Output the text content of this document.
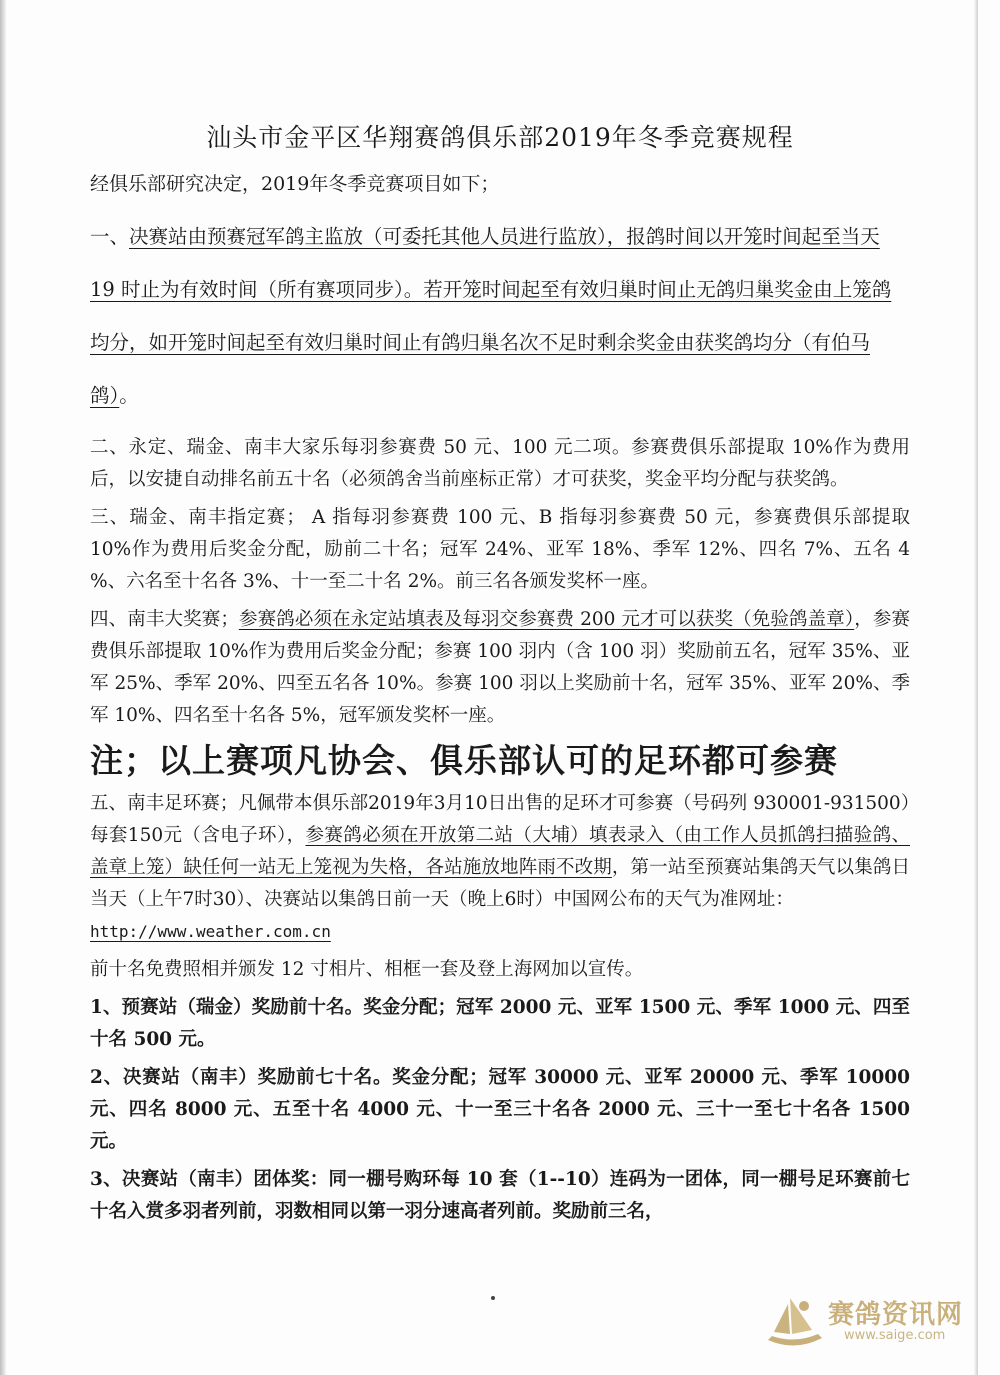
汕头市金平区华翔赛鸽俱乐部2019年冬季竞赛规程

经俱乐部研究决定，2019年冬季竞赛项目如下；

一、决赛站由预赛冠军鸽主监放（可委托其他人员进行监放），报鸽时间以开笼时间起至当天 19 时止为有效时间（所有赛项同步）。若开笼时间起至有效归巢时间止无鸽归巢奖金由上笼鸽均分，如开笼时间起至有效归巢时间止有鸽归巢名次不足时剩余奖金由获奖鸽均分（有伯马鸽）。

二、永定、瑞金、南丰大家乐每羽参赛费 50 元、100 元二项。参赛费俱乐部提取 10%作为费用后，以安捷自动排名前五十名（必须鸽舍当前座标正常）才可获奖，奖金平均分配与获奖鸽。

三、瑞金、南丰指定赛； A 指每羽参赛费 100 元、B 指每羽参赛费 50 元，参赛费俱乐部提取 10%作为费用后奖金分配，励前二十名；冠军 24%、亚军 18%、季军 12%、四名 7%、五名 4 %、六名至十名各 3%、十一至二十名 2%。前三名各颁发奖杯一座。

四、南丰大奖赛；参赛鸽必须在永定站填表及每羽交参赛费 200 元才可以获奖（免验鸽盖章），参赛费俱乐部提取 10%作为费用后奖金分配；参赛 100 羽内（含 100 羽）奖励前五名，冠军 35%、亚军 25%、季军 20%、四至五名各 10%。参赛 100 羽以上奖励前十名，冠军 35%、亚军 20%、季军 10%、四名至十名各 5%，冠军颁发奖杯一座。

注；以上赛项凡协会、俱乐部认可的足环都可参赛

五、南丰足环赛；凡佩带本俱乐部2019年3月10日出售的足环才可参赛（号码列 930001-931500）每套150元（含电子环），参赛鸽必须在开放第二站（大埔）填表录入（由工作人员抓鸽扫描验鸽、盖章上笼）缺任何一站无上笼视为失格，各站施放地阵雨不改期，第一站至预赛站集鸽天气以集鸽日当天（上午7时30）、决赛站以集鸽日前一天（晚上6时）中国网公布的天气为准网址：
http://www.weather.com.cn

前十名免费照相并颁发 12 寸相片、相框一套及登上海网加以宣传。

1、预赛站（瑞金）奖励前十名。奖金分配；冠军 2000 元、亚军 1500 元、季军 1000 元、四至十名 500 元。

2、决赛站（南丰）奖励前七十名。奖金分配；冠军 30000 元、亚军 20000 元、季军 10000 元、四名 8000 元、五至十名 4000 元、十一至三十名各 2000 元、三十一至七十名各 1500 元。

3、决赛站（南丰）团体奖：同一棚号购环每 10 套（1--10）连码为一团体，同一棚号足环赛前七十名入赏多羽者列前，羽数相同以第一羽分速高者列前。奖励前三名，

赛鸽资讯网
www.saige.com
